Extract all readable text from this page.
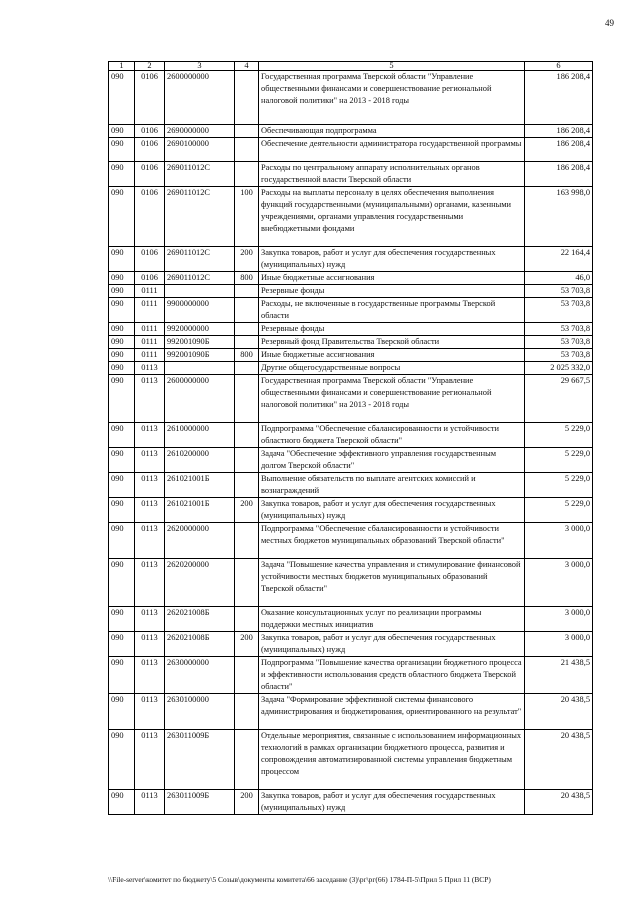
49
1	2	3	4	5	6
090	0106	2600000000		Государственная программа Тверской области "Управление общественными финансами и совершенствование региональной налоговой политики" на 2013 - 2018 годы	186 208,4
090	0106	2690000000		Обеспечивающая подпрограмма	186 208,4
090	0106	2690100000		Обеспечение деятельности администратора государственной программы	186 208,4
090	0106	269011012С		Расходы по центральному аппарату исполнительных органов государственной власти Тверской области	186 208,4
090	0106	269011012С	100	Расходы на выплаты персоналу в целях обеспечения выполнения функций государственными (муниципальными) органами, казенными учреждениями, органами управления государственными внебюджетными фондами	163 998,0
090	0106	269011012С	200	Закупка товаров, работ и услуг для обеспечения государственных (муниципальных) нужд	22 164,4
090	0106	269011012С	800	Иные бюджетные ассигнования	46,0
090	0111			Резервные фонды	53 703,8
090	0111	9900000000		Расходы, не включенные в государственные программы Тверской области	53 703,8
090	0111	9920000000		Резервные фонды	53 703,8
090	0111	992001090Б		Резервный фонд Правительства Тверской области	53 703,8
090	0111	992001090Б	800	Иные бюджетные ассигнования	53 703,8
090	0113			Другие общегосударственные вопросы	2 025 332,0
090	0113	2600000000		Государственная программа Тверской области "Управление общественными финансами и совершенствование региональной налоговой политики" на 2013 - 2018 годы	29 667,5
090	0113	2610000000		Подпрограмма "Обеспечение сбалансированности и устойчивости областного бюджета Тверской области"	5 229,0
090	0113	2610200000		Задача "Обеспечение эффективного управления государственным долгом Тверской области"	5 229,0
090	0113	261021001Б		Выполнение обязательств по выплате агентских комиссий и вознаграждений	5 229,0
090	0113	261021001Б	200	Закупка товаров, работ и услуг для обеспечения государственных (муниципальных) нужд	5 229,0
090	0113	2620000000		Подпрограмма "Обеспечение сбалансированности и устойчивости местных бюджетов муниципальных образований Тверской области"	3 000,0
090	0113	2620200000		Задача "Повышение качества управления и стимулирование финансовой устойчивости местных бюджетов муниципальных образований Тверской области"	3 000,0
090	0113	262021008Б		Оказание консультационных услуг по реализации программы поддержки местных инициатив	3 000,0
090	0113	262021008Б	200	Закупка товаров, работ и услуг для обеспечения государственных (муниципальных) нужд	3 000,0
090	0113	2630000000		Подпрограмма "Повышение качества организации бюджетного процесса и эффективности использования средств областного бюджета Тверской области"	21 438,5
090	0113	2630100000		Задача "Формирование эффективной системы финансового администрирования и бюджетирования, ориентированного на результат"	20 438,5
090	0113	263011009Б		Отдельные мероприятия, связанные с использованием информационных технологий в рамках организации бюджетного процесса, развития и сопровождения автоматизированной системы управления бюджетным процессом	20 438,5
090	0113	263011009Б	200	Закупка товаров, работ и услуг для обеспечения государственных (муниципальных) нужд	20 438,5
\\File-server\комитет по бюджету\5 Созыв\документы комитета\66 заседание (3)\рг\рг(66) 1784-П-5\Прил 5 Прил 11 (ВСР)
